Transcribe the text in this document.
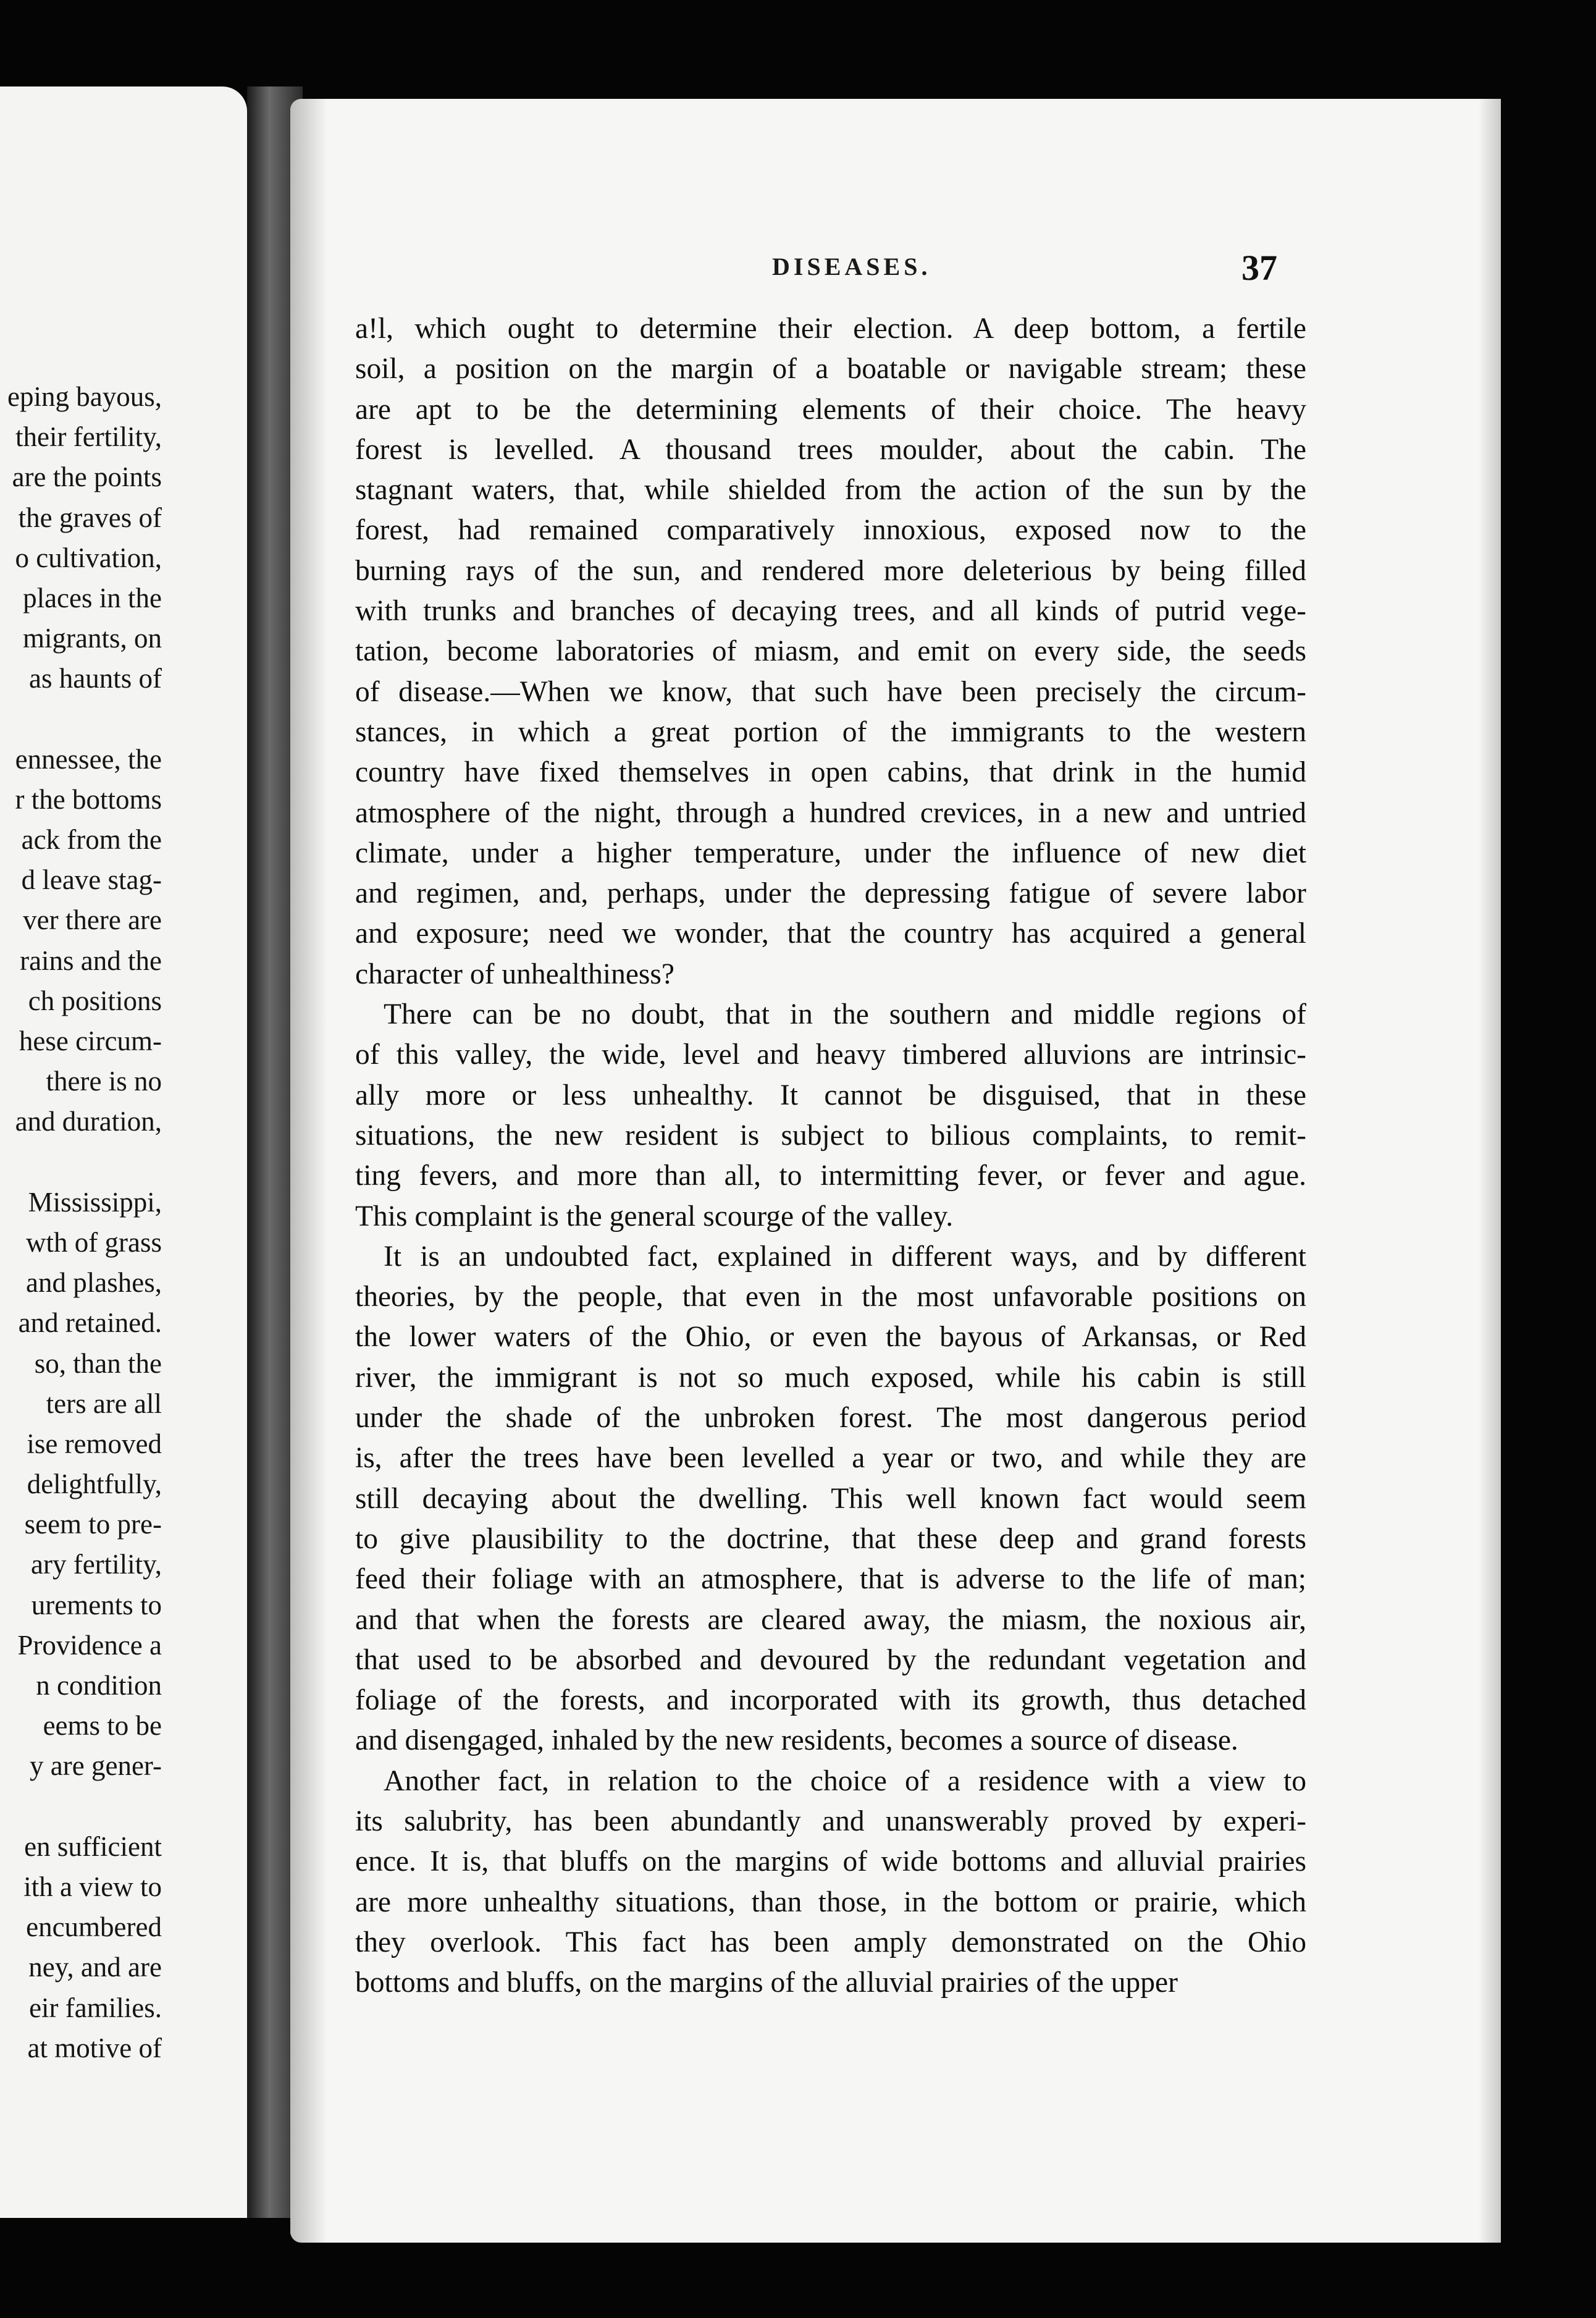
eping bayous,
their fertility,
are the points
the graves of
o cultivation,
places in the
migrants, on
as haunts of
ennessee, the
r the bottoms
ack from the
d leave stag-
ver there are
rains and the
ch positions
hese circum-
there is no
and duration,
Mississippi,
wth of grass
and plashes,
and retained.
so, than the
ters are all
ise removed
delightfully,
seem to pre-
ary fertility,
urements to
Providence a
n condition
eems to be
y are gener-
en sufficient
ith a view to
encumbered
ney, and are
eir families.
at motive of
DISEASES.	37

a!l, which ought to determine their election. A deep bottom, a fertile
soil, a position on the margin of a boatable or navigable stream; these
are apt to be the determining elements of their choice. The heavy
forest is levelled. A thousand trees moulder, about the cabin. The
stagnant waters, that, while shielded from the action of the sun by the
forest, had remained comparatively innoxious, exposed now to the
burning rays of the sun, and rendered more deleterious by being filled
with trunks and branches of decaying trees, and all kinds of putrid vege-
tation, become laboratories of miasm, and emit on every side, the seeds
of disease.—When we know, that such have been precisely the circum-
stances, in which a great portion of the immigrants to the western
country have fixed themselves in open cabins, that drink in the humid
atmosphere of the night, through a hundred crevices, in a new and untried
climate, under a higher temperature, under the influence of new diet
and regimen, and, perhaps, under the depressing fatigue of severe labor
and exposure; need we wonder, that the country has acquired a general
character of unhealthiness?

There can be no doubt, that in the southern and middle regions of
of this valley, the wide, level and heavy timbered alluvions are intrinsic-
ally more or less unhealthy. It cannot be disguised, that in these
situations, the new resident is subject to bilious complaints, to remit-
ting fevers, and more than all, to intermitting fever, or fever and ague.
This complaint is the general scourge of the valley.

It is an undoubted fact, explained in different ways, and by different
theories, by the people, that even in the most unfavorable positions on
the lower waters of the Ohio, or even the bayous of Arkansas, or Red
river, the immigrant is not so much exposed, while his cabin is still
under the shade of the unbroken forest. The most dangerous period
is, after the trees have been levelled a year or two, and while they are
still decaying about the dwelling. This well known fact would seem
to give plausibility to the doctrine, that these deep and grand forests
feed their foliage with an atmosphere, that is adverse to the life of man;
and that when the forests are cleared away, the miasm, the noxious air,
that used to be absorbed and devoured by the redundant vegetation and
foliage of the forests, and incorporated with its growth, thus detached
and disengaged, inhaled by the new residents, becomes a source of disease.

Another fact, in relation to the choice of a residence with a view to
its salubrity, has been abundantly and unanswerably proved by experi-
ence. It is, that bluffs on the margins of wide bottoms and alluvial prairies
are more unhealthy situations, than those, in the bottom or prairie, which
they overlook. This fact has been amply demonstrated on the Ohio
bottoms and bluffs, on the margins of the alluvial prairies of the upper
